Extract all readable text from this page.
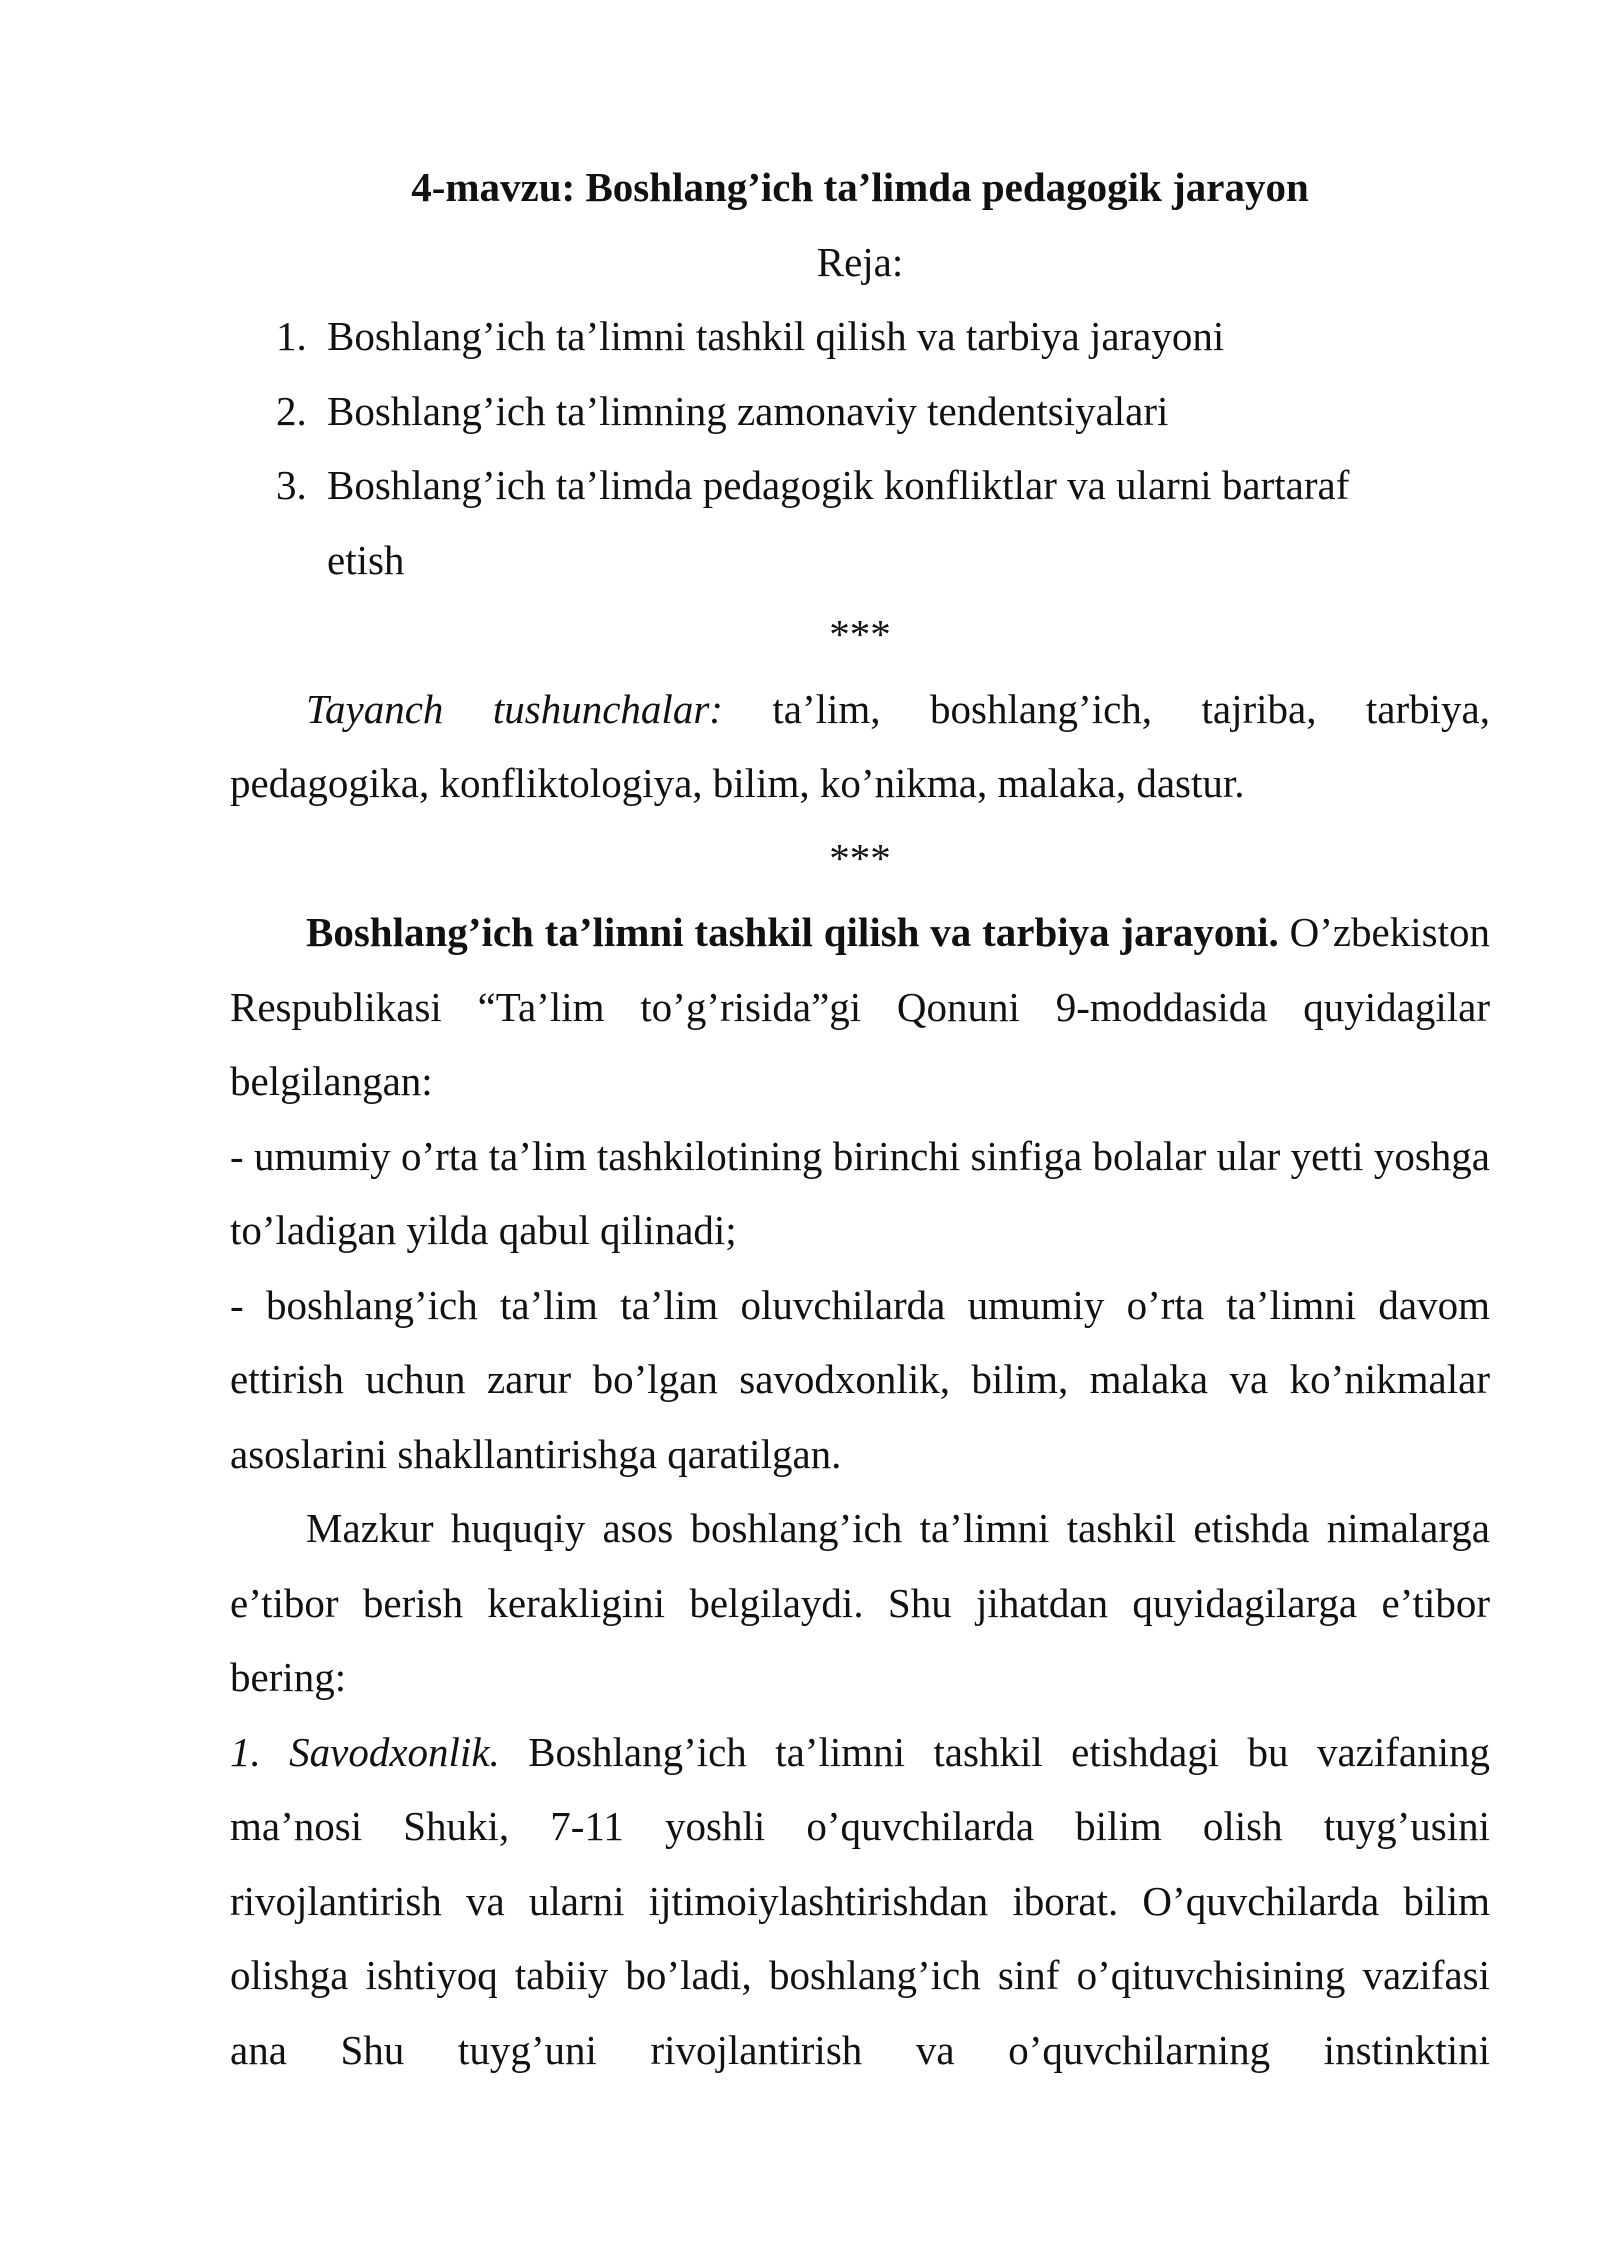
4-mavzu: Boshlang’ich ta’limda pedagogik jarayon

Reja:

1. Boshlang’ich ta’limni tashkil qilish va tarbiya jarayoni
2. Boshlang’ich ta’limning zamonaviy tendentsiyalari
3. Boshlang’ich ta’limda pedagogik konfliktlar va ularni bartaraf etish

***

Tayanch tushunchalar: ta’lim, boshlang’ich, tajriba, tarbiya, pedagogika, konfliktologiya, bilim, ko’nikma, malaka, dastur.

***

Boshlang’ich ta’limni tashkil qilish va tarbiya jarayoni. O’zbekiston Respublikasi “Ta’lim to’g’risida”gi Qonuni 9-moddasida quyidagilar belgilangan:

- umumiy o’rta ta’lim tashkilotining birinchi sinfiga bolalar ular yetti yoshga to’ladigan yilda qabul qilinadi;

- boshlang’ich ta’lim ta’lim oluvchilarda umumiy o’rta ta’limni davom ettirish uchun zarur bo’lgan savodxonlik, bilim, malaka va ko’nikmalar asoslarini shakllantirishga qaratilgan.

Mazkur huquqiy asos boshlang’ich ta’limni tashkil etishda nimalarga e’tibor berish kerakligini belgilaydi. Shu jihatdan quyidagilarga e’tibor bering:

1. Savodxonlik. Boshlang’ich ta’limni tashkil etishdagi bu vazifaning ma’nosi Shuki, 7-11 yoshli o’quvchilarda bilim olish tuyg’usini rivojlantirish va ularni ijtimoiylashtirishdan iborat. O’quvchilarda bilim olishga ishtiyoq tabiiy bo’ladi, boshlang’ich sinf o’qituvchisining vazifasi ana Shu tuyg’uni rivojlantirish va o’quvchilarning instinktini
